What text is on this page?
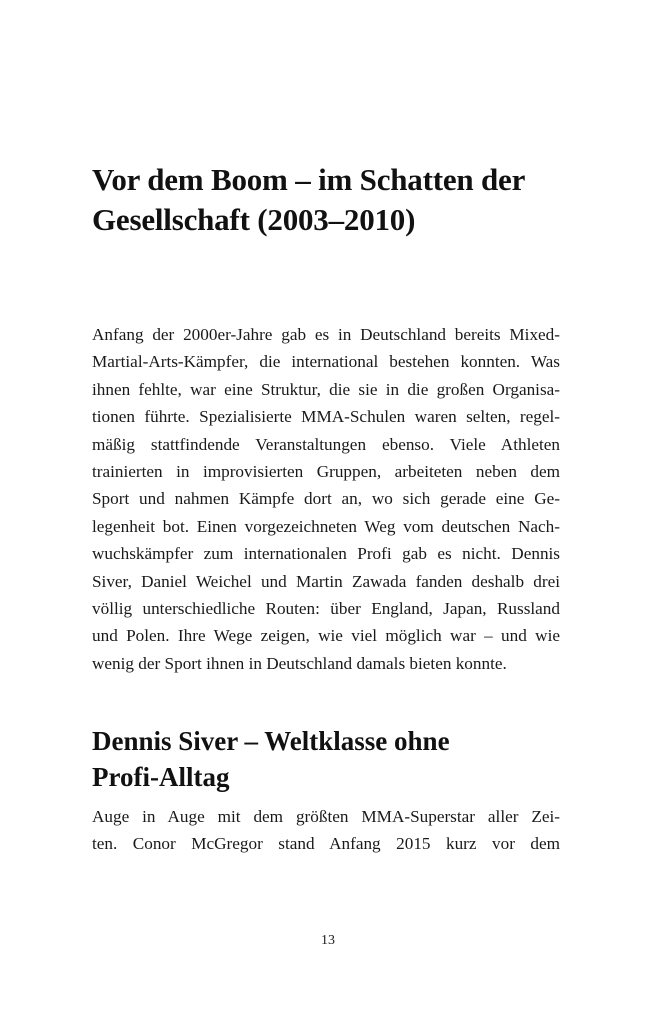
Vor dem Boom – im Schatten der
Gesellschaft (2003–2010)

Anfang der 2000er-Jahre gab es in Deutschland bereits Mixed-
Martial-Arts-Kämpfer, die international bestehen konnten. Was
ihnen fehlte, war eine Struktur, die sie in die großen Organisa-
tionen führte. Spezialisierte MMA-Schulen waren selten, regel-
mäßig stattfindende Veranstaltungen ebenso. Viele Athleten
trainierten in improvisierten Gruppen, arbeiteten neben dem
Sport und nahmen Kämpfe dort an, wo sich gerade eine Ge-
legenheit bot. Einen vorgezeichneten Weg vom deutschen Nach-
wuchskämpfer zum internationalen Profi gab es nicht. Dennis
Siver, Daniel Weichel und Martin Zawada fanden deshalb drei
völlig unterschiedliche Routen: über England, Japan, Russland
und Polen. Ihre Wege zeigen, wie viel möglich war – und wie
wenig der Sport ihnen in Deutschland damals bieten konnte.

Dennis Siver – Weltklasse ohne
Profi-Alltag

Auge in Auge mit dem größten MMA-Superstar aller Zei-
ten. Conor McGregor stand Anfang 2015 kurz vor dem

13
